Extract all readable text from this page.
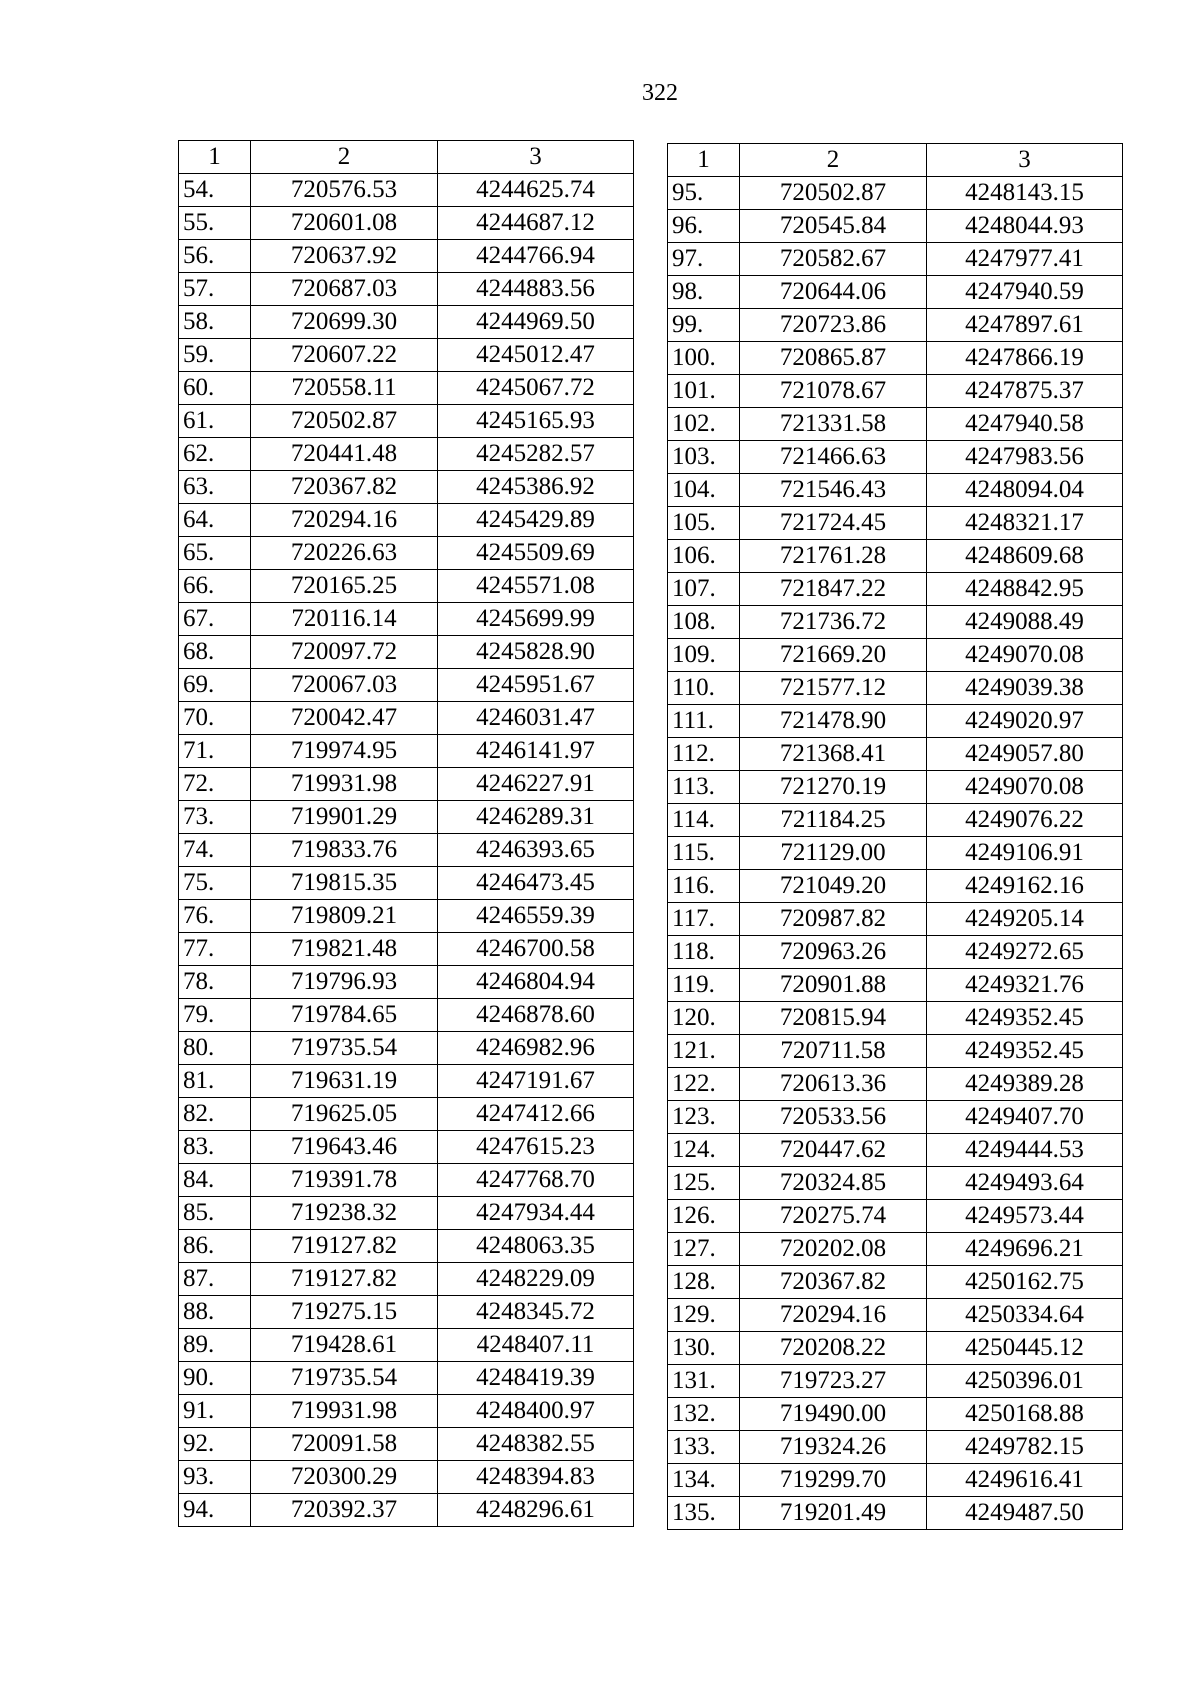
322
1	2	3
54.	720576.53	4244625.74
55.	720601.08	4244687.12
56.	720637.92	4244766.94
57.	720687.03	4244883.56
58.	720699.30	4244969.50
59.	720607.22	4245012.47
60.	720558.11	4245067.72
61.	720502.87	4245165.93
62.	720441.48	4245282.57
63.	720367.82	4245386.92
64.	720294.16	4245429.89
65.	720226.63	4245509.69
66.	720165.25	4245571.08
67.	720116.14	4245699.99
68.	720097.72	4245828.90
69.	720067.03	4245951.67
70.	720042.47	4246031.47
71.	719974.95	4246141.97
72.	719931.98	4246227.91
73.	719901.29	4246289.31
74.	719833.76	4246393.65
75.	719815.35	4246473.45
76.	719809.21	4246559.39
77.	719821.48	4246700.58
78.	719796.93	4246804.94
79.	719784.65	4246878.60
80.	719735.54	4246982.96
81.	719631.19	4247191.67
82.	719625.05	4247412.66
83.	719643.46	4247615.23
84.	719391.78	4247768.70
85.	719238.32	4247934.44
86.	719127.82	4248063.35
87.	719127.82	4248229.09
88.	719275.15	4248345.72
89.	719428.61	4248407.11
90.	719735.54	4248419.39
91.	719931.98	4248400.97
92.	720091.58	4248382.55
93.	720300.29	4248394.83
94.	720392.37	4248296.61
1	2	3
95.	720502.87	4248143.15
96.	720545.84	4248044.93
97.	720582.67	4247977.41
98.	720644.06	4247940.59
99.	720723.86	4247897.61
100.	720865.87	4247866.19
101.	721078.67	4247875.37
102.	721331.58	4247940.58
103.	721466.63	4247983.56
104.	721546.43	4248094.04
105.	721724.45	4248321.17
106.	721761.28	4248609.68
107.	721847.22	4248842.95
108.	721736.72	4249088.49
109.	721669.20	4249070.08
110.	721577.12	4249039.38
111.	721478.90	4249020.97
112.	721368.41	4249057.80
113.	721270.19	4249070.08
114.	721184.25	4249076.22
115.	721129.00	4249106.91
116.	721049.20	4249162.16
117.	720987.82	4249205.14
118.	720963.26	4249272.65
119.	720901.88	4249321.76
120.	720815.94	4249352.45
121.	720711.58	4249352.45
122.	720613.36	4249389.28
123.	720533.56	4249407.70
124.	720447.62	4249444.53
125.	720324.85	4249493.64
126.	720275.74	4249573.44
127.	720202.08	4249696.21
128.	720367.82	4250162.75
129.	720294.16	4250334.64
130.	720208.22	4250445.12
131.	719723.27	4250396.01
132.	719490.00	4250168.88
133.	719324.26	4249782.15
134.	719299.70	4249616.41
135.	719201.49	4249487.50
